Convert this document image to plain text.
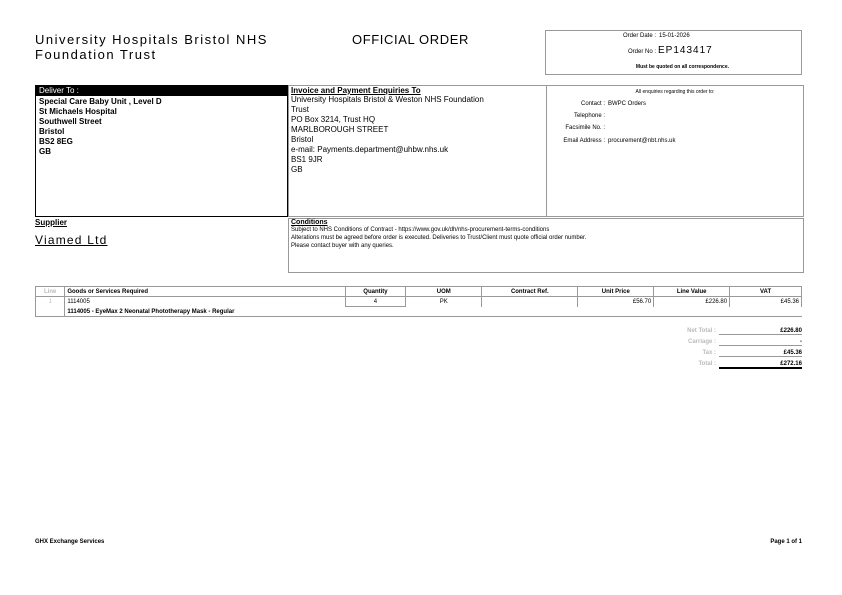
University Hospitals Bristol NHS
Foundation Trust
OFFICIAL ORDER	Order Date : 15-01-2026
Order No : EP143417
Must be quoted on all correspondence.
Deliver To :
Special Care Baby Unit , Level D
St Michaels Hospital
Southwell Street
Bristol
BS2 8EG
GB
Invoice and Payment Enquiries To
University Hospitals Bristol & Weston NHS Foundation
Trust
PO Box 3214, Trust HQ
MARLBOROUGH STREET
Bristol
e-mail: Payments.department@uhbw.nhs.uk
BS1 9JR
GB
All enquiries regarding this order to:
Contact : BWPC Orders
Telephone :
Facsimile No. :
Email Address : procurement@nbt.nhs.uk
Supplier
Viamed Ltd
Conditions
Subject to NHS Conditions of Contract - https://www.gov.uk/dh/nhs-procurement-terms-conditions
Alterations must be agreed before order is executed. Deliveries to Trust/Client must quote official order number.
Please contact buyer with any queries.
Line	Goods or Services Required	Quantity	UOM	Contract Ref.	Unit Price	Line Value	VAT
1	1114005	4	PK		£56.70	£226.80	£45.36
	1114005 - EyeMax 2 Neonatal Phototherapy Mask - Regular						
Net Total :	£226.80
Carriage :	-
Tax :	£45.36
Total :	£272.16
GHX Exchange Services	Page 1 of 1
